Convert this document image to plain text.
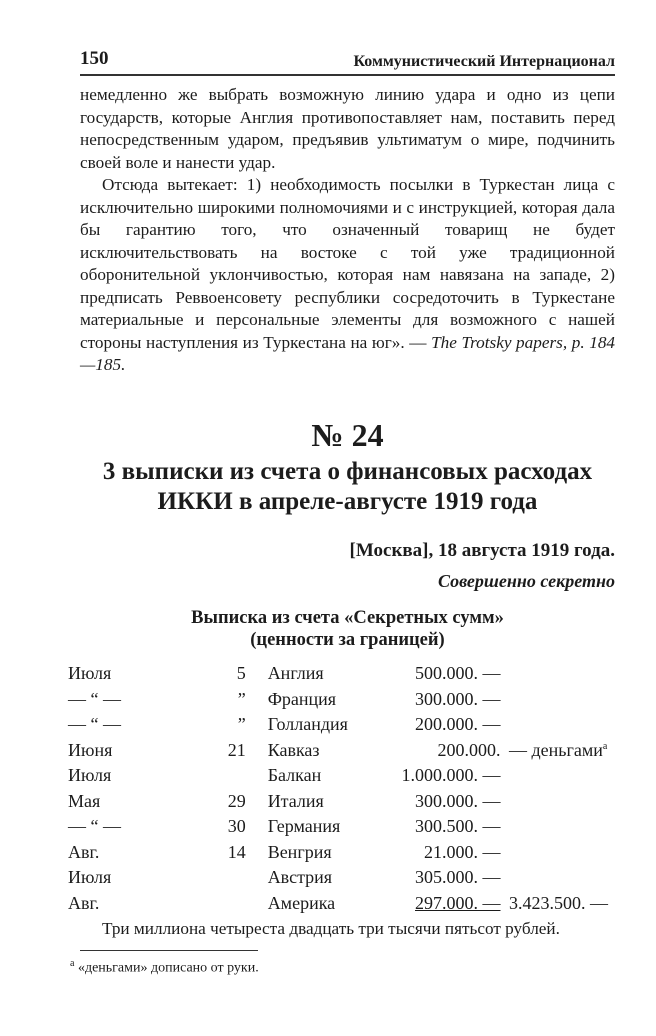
150	Коммунистический Интернационал

немедленно же выбрать возможную линию удара и одно из цепи государств, которые Англия противопоставляет нам, поставить перед непосредственным ударом, предъявив ультиматум о мире, подчинить своей воле и нанести удар.

Отсюда вытекает: 1) необходимость посылки в Туркестан лица с исключительно широкими полномочиями и с инструкцией, которая дала бы гарантию того, что означенный товарищ не будет исключительствовать на востоке с той уже традиционной оборонительной уклончивостью, которая нам навязана на западе, 2) предписать Реввоенсовету республики сосредоточить в Туркестане материальные и персональные элементы для возможного с нашей стороны наступления из Туркестана на юг». — The Trotsky papers, p. 184—185.

№ 24
3 выписки из счета о финансовых расходах
ИККИ в апреле-августе 1919 года
[Москва], 18 августа 1919 года.
Совершенно секретно
Выписка из счета «Секретных сумм»
(ценности за границей)
Июля	5	Англия	500.000. —	
— “ —	”	Франция	300.000. —	
— “ —	”	Голландия	200.000. —	
Июня	21	Кавказ	200.000.	— деньгами$^а$
Июля		Балкан	1.000.000. —	
Мая	29	Италия	300.000. —	
— “ —	30	Германия	300.500. —	
Авг.	14	Венгрия	21.000. —	
Июля		Австрия	305.000. —	
Авг.		Америка	297.000. —	3.423.500. —

Три миллиона четыреста двадцать три тысячи пятьсот рублей.

$^а$ «деньгами» дописано от руки.
